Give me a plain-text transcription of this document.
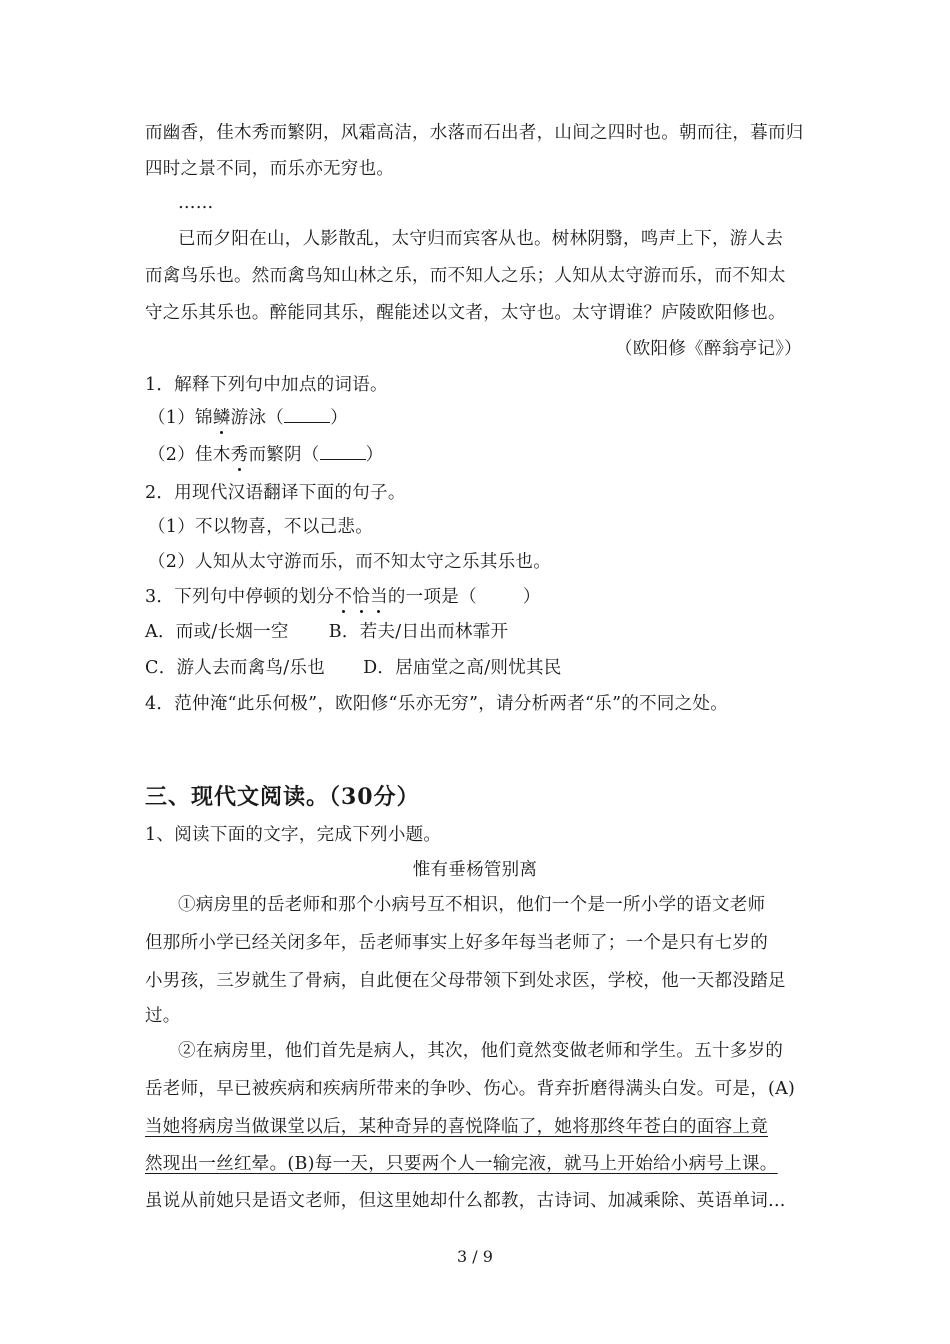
而幽香，佳木秀而繁阴，风霜高洁，水落而石出者，山间之四时也。朝而往，暮而归
四时之景不同，而乐亦无穷也。
……
已而夕阳在山，人影散乱，太守归而宾客从也。树林阴翳，鸣声上下，游人去
而禽鸟乐也。然而禽鸟知山林之乐，而不知人之乐；人知从太守游而乐，而不知太
守之乐其乐也。醉能同其乐，醒能述以文者，太守也。太守谓谁？庐陵欧阳修也。
（欧阳修《醉翁亭记》）
1．解释下列句中加点的词语。
（1）锦鳞游泳（	）
（2）佳木秀而繁阴（	）
2．用现代汉语翻译下面的句子。
（1）不以物喜，不以己悲。
（2）人知从太守游而乐，而不知太守之乐其乐也。
3．下列句中停顿的划分不恰当的一项是（	）
A．而或/长烟一空 B．若夫/日出而林霏开
C．游人去而禽鸟/乐也 D．居庙堂之高/则忧其民
4．范仲淹“此乐何极”，欧阳修“乐亦无穷”，请分析两者“乐”的不同之处。
三、现代文阅读。（30分）
1、阅读下面的文字，完成下列小题。
惟有垂杨管别离
①病房里的岳老师和那个小病号互不相识，他们一个是一所小学的语文老师
但那所小学已经关闭多年，岳老师事实上好多年每当老师了；一个是只有七岁的
小男孩，三岁就生了骨病，自此便在父母带领下到处求医，学校，他一天都没踏足
过。
②在病房里，他们首先是病人，其次，他们竟然变做老师和学生。五十多岁的
岳老师，早已被疾病和疾病所带来的争吵、伤心。背弃折磨得满头白发。可是，(A)
当她将病房当做课堂以后，某种奇异的喜悦降临了，她将那终年苍白的面容上竟
然现出一丝红晕。(B)每一天，只要两个人一输完液，就马上开始给小病号上课。
虽说从前她只是语文老师，但这里她却什么都教，古诗词、加减乘除、英语单词…
3 / 9
